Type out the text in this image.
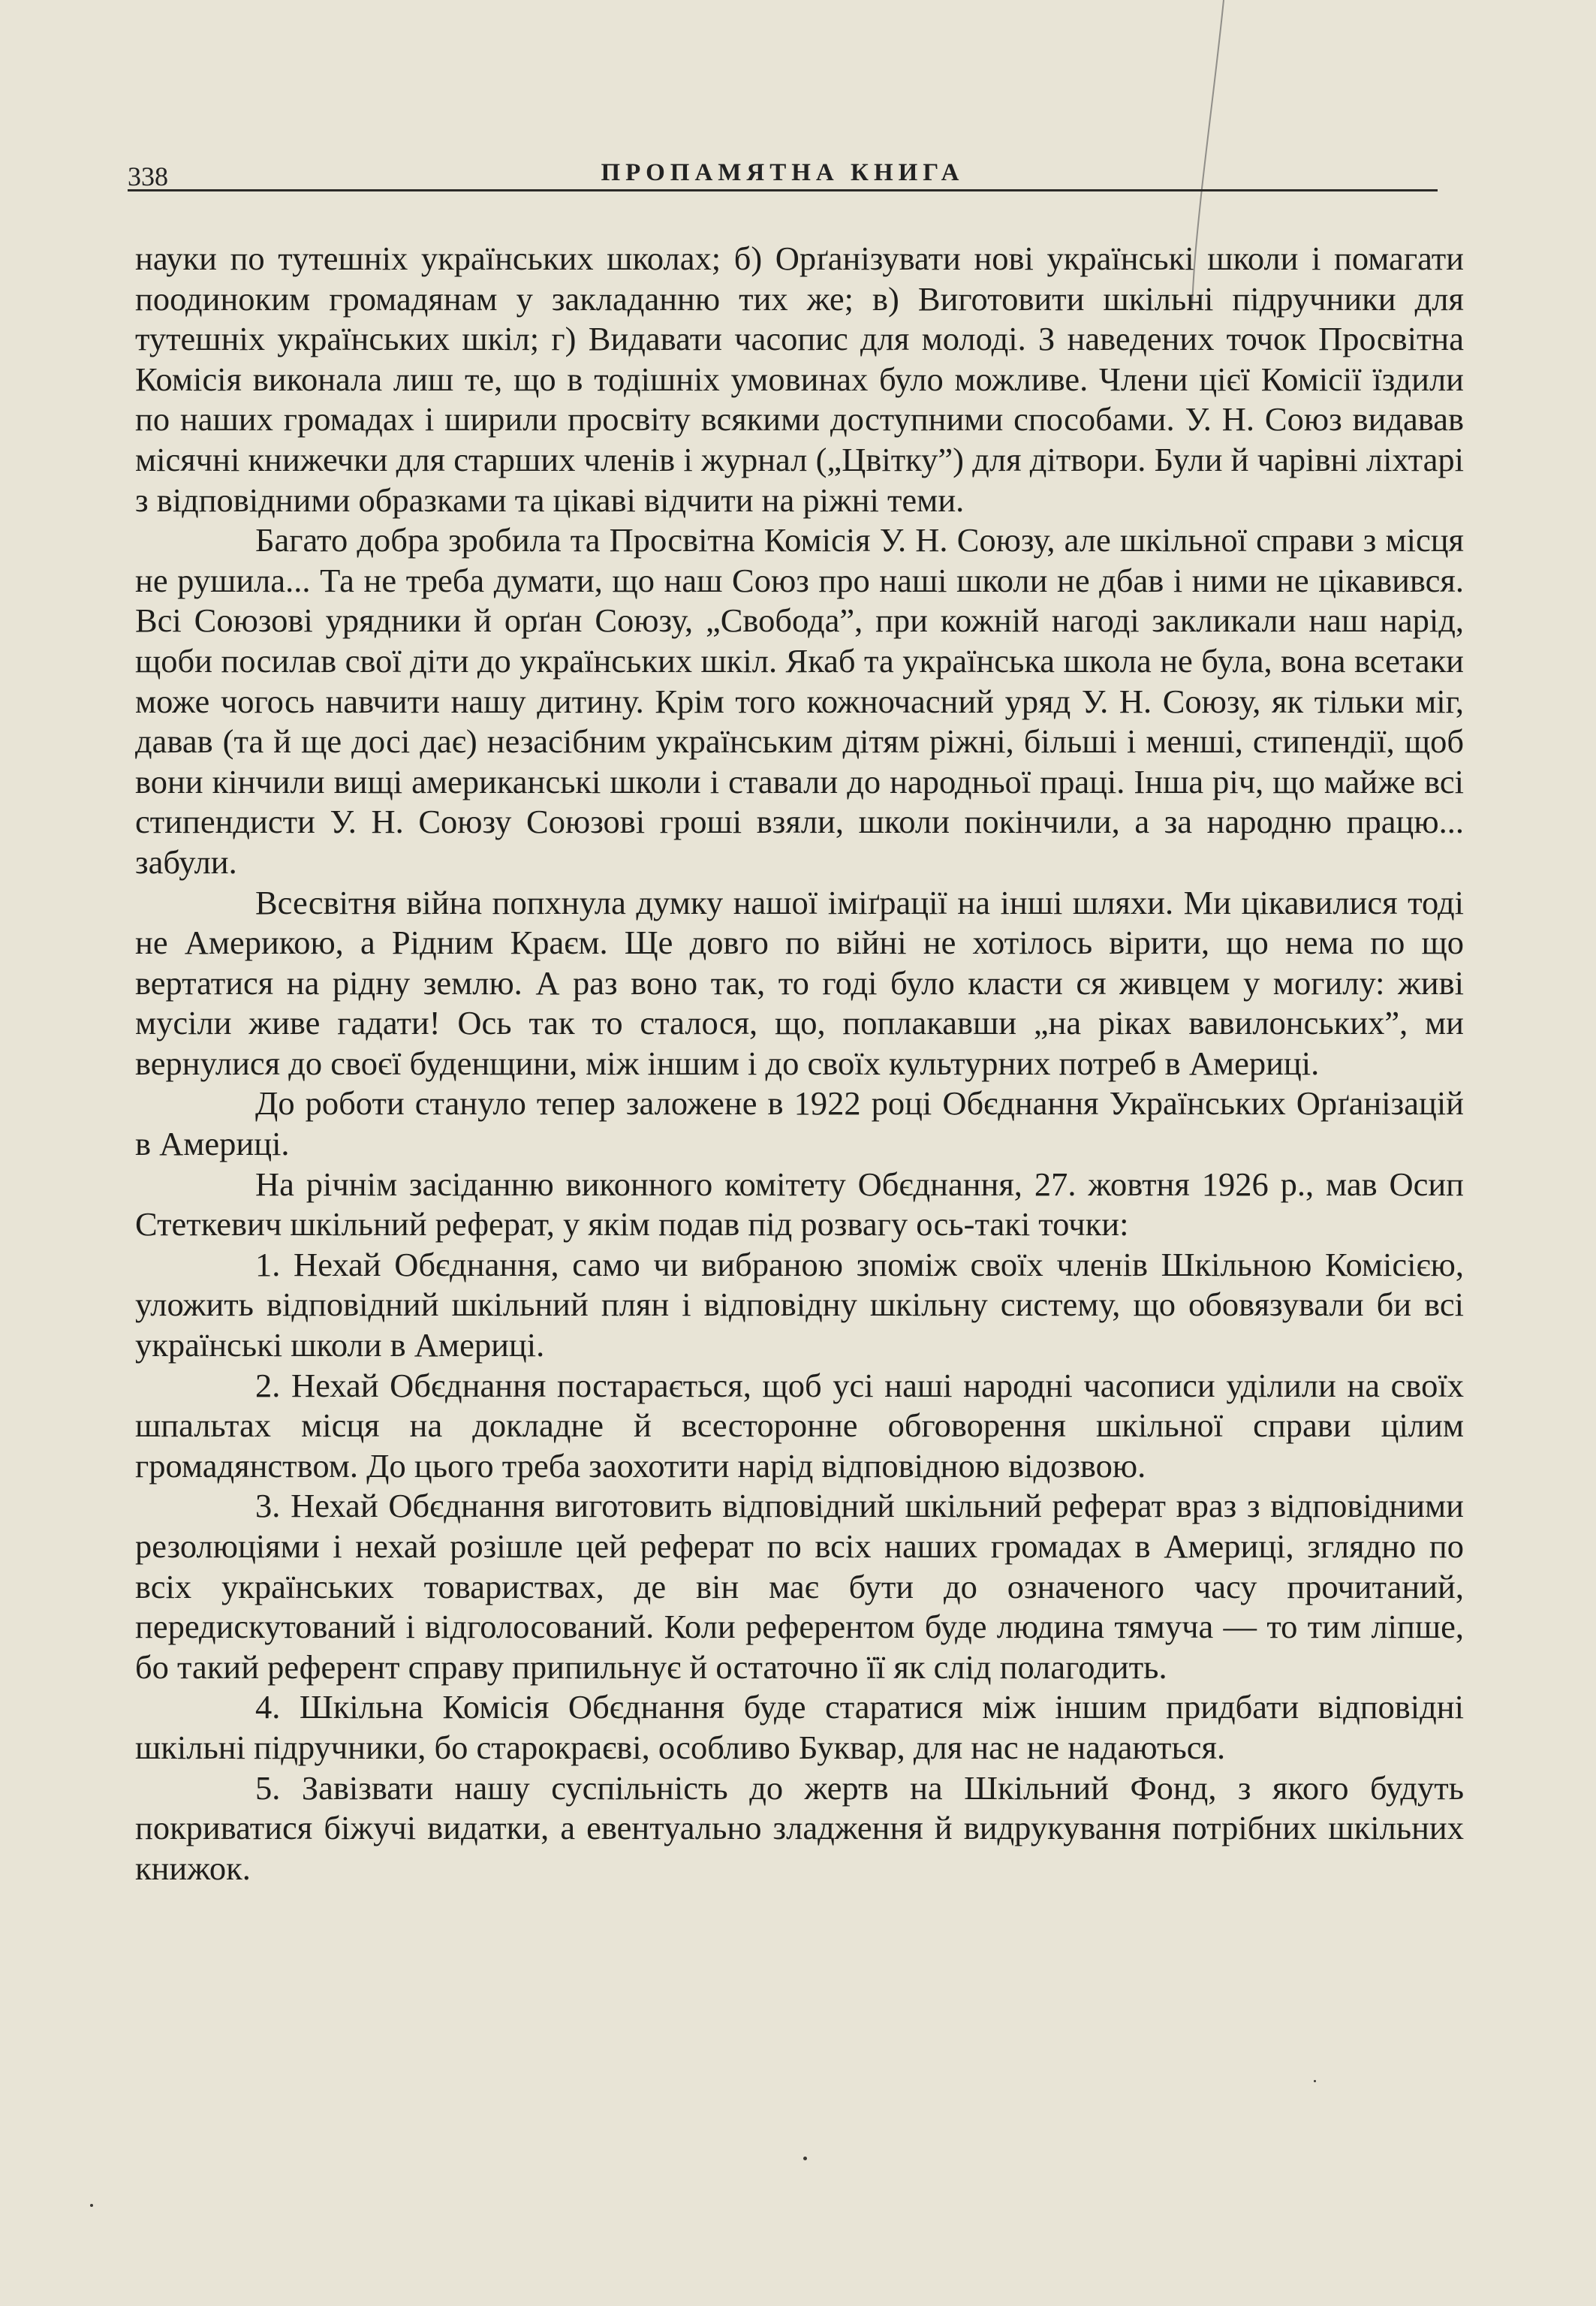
338	ПРОПАМЯТНА КНИГА

науки по тутешніх українських школах; б) Орґанізувати нові українські школи і помагати поодиноким громадянам у закладанню тих же; в) Виготовити шкільні підручники для тутешніх українських шкіл; г) Видавати часопис для молоді. З наведених точок Просвітна Комісія виконала лиш те, що в тодішніх умовинах було можливе. Члени цієї Комісії їздили по наших громадах і ширили просвіту всякими доступними способами. У. Н. Союз видавав місячні книжечки для старших членів і журнал („Цвітку”) для дітвори. Були й чарівні ліхтарі з відповідними образками та цікаві відчити на ріжні теми.

Багато добра зробила та Просвітна Комісія У. Н. Союзу, але шкільної справи з місця не рушила... Та не треба думати, що наш Союз про наші школи не дбав і ними не цікавився. Всі Союзові урядники й орґан Союзу, „Свобода”, при кожній нагоді закликали наш нарід, щоби посилав свої діти до українських шкіл. Якаб та українська школа не була, вона всетаки може чогось навчити нашу дитину. Крім того кожночасний уряд У. Н. Союзу, як тільки міг, давав (та й ще досі дає) незасібним українським дітям ріжні, більші і менші, стипендії, щоб вони кінчили вищі американські школи і ставали до народньої праці. Інша річ, що майже всі стипендисти У. Н. Союзу Союзові гроші взяли, школи покінчили, а за народню працю... забули.

Всесвітня війна попхнула думку нашої іміґрації на інші шляхи. Ми цікавилися тоді не Америкою, а Рідним Краєм. Ще довго по війні не хотілось вірити, що нема по що вертатися на рідну землю. А раз воно так, то годі було класти ся живцем у могилу: живі мусіли живе гадати! Ось так то сталося, що, поплакавши „на ріках вавилонських”, ми вернулися до своєї буденщини, між іншим і до своїх культурних потреб в Америці.

До роботи стануло тепер заложене в 1922 році Обєднання Українських Орґанізацій в Америці.

На річнім засіданню виконного комітету Обєднання, 27. жовтня 1926 р., мав Осип Стеткевич шкільний реферат, у якім подав під розвагу ось-такі точки:

1. Нехай Обєднання, само чи вибраною зпоміж своїх членів Шкільною Комісією, уложить відповідний шкільний плян і відповідну шкільну систему, що обовязували би всі українські школи в Америці.

2. Нехай Обєднання постарається, щоб усі наші народні часописи уділили на своїх шпальтах місця на докладне й всесторонне обговорення шкільної справи цілим громадянством. До цього треба заохотити нарід відповідною відозвою.

3. Нехай Обєднання виготовить відповідний шкільний реферат враз з відповідними резолюціями і нехай розішле цей реферат по всіх наших громадах в Америці, зглядно по всіх українських товариствах, де він має бути до означеного часу прочитаний, передискутований і відголосований. Коли референтом буде людина тямуча — то тим ліпше, бо такий референт справу припильнує й остаточно її як слід полагодить.

4. Шкільна Комісія Обєднання буде старатися між іншим придбати відповідні шкільні підручники, бо старокраєві, особливо Буквар, для нас не надаються.

5. Завізвати нашу суспільність до жертв на Шкільний Фонд, з якого будуть покриватися біжучі видатки, а евентуально зладження й видрукування потрібних шкільних книжок.
